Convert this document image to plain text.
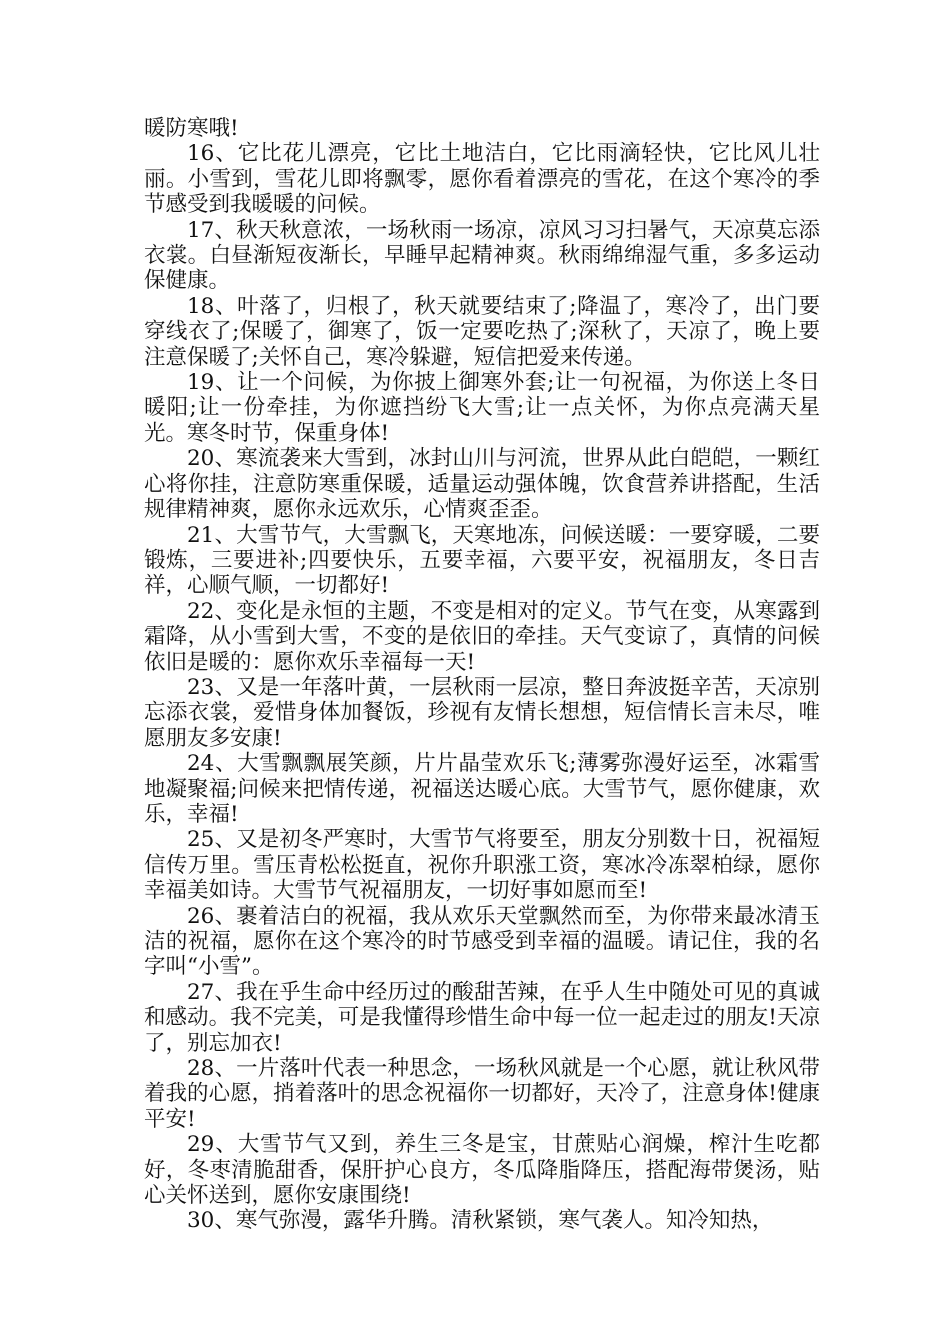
暖防寒哦!

16、它比花儿漂亮，它比土地洁白，它比雨滴轻快，它比风儿壮丽。小雪到，雪花儿即将飘零，愿你看着漂亮的雪花，在这个寒冷的季节感受到我暖暖的问候。

17、秋天秋意浓，一场秋雨一场凉，凉风习习扫暑气，天凉莫忘添衣裳。白昼渐短夜渐长，早睡早起精神爽。秋雨绵绵湿气重，多多运动保健康。

18、叶落了，归根了，秋天就要结束了;降温了，寒冷了，出门要穿线衣了;保暖了，御寒了，饭一定要吃热了;深秋了，天凉了，晚上要注意保暖了;关怀自己，寒冷躲避，短信把爱来传递。

19、让一个问候，为你披上御寒外套;让一句祝福，为你送上冬日暖阳;让一份牵挂，为你遮挡纷飞大雪;让一点关怀，为你点亮满天星光。寒冬时节，保重身体!

20、寒流袭来大雪到，冰封山川与河流，世界从此白皑皑，一颗红心将你挂，注意防寒重保暖，适量运动强体魄，饮食营养讲搭配，生活规律精神爽，愿你永远欢乐，心情爽歪歪。

21、大雪节气，大雪飘飞，天寒地冻，问候送暖：一要穿暖，二要锻炼，三要进补;四要快乐，五要幸福，六要平安，祝福朋友，冬日吉祥，心顺气顺，一切都好!

22、变化是永恒的主题，不变是相对的定义。节气在变，从寒露到霜降，从小雪到大雪，不变的是依旧的牵挂。天气变谅了，真情的问候依旧是暖的：愿你欢乐幸福每一天!

23、又是一年落叶黄，一层秋雨一层凉，整日奔波挺辛苦，天凉别忘添衣裳，爱惜身体加餐饭，珍视有友情长想想，短信情长言未尽，唯愿朋友多安康!

24、大雪飘飘展笑颜，片片晶莹欢乐飞;薄雾弥漫好运至，冰霜雪地凝聚福;问候来把情传递，祝福送达暖心底。大雪节气，愿你健康，欢乐，幸福!

25、又是初冬严寒时，大雪节气将要至，朋友分别数十日，祝福短信传万里。雪压青松松挺直，祝你升职涨工资，寒冰冷冻翠柏绿，愿你幸福美如诗。大雪节气祝福朋友，一切好事如愿而至!

26、裹着洁白的祝福，我从欢乐天堂飘然而至，为你带来最冰清玉洁的祝福，愿你在这个寒冷的时节感受到幸福的温暖。请记住，我的名字叫“小雪”。

27、我在乎生命中经历过的酸甜苦辣，在乎人生中随处可见的真诚和感动。我不完美，可是我懂得珍惜生命中每一位一起走过的朋友!天凉了，别忘加衣!

28、一片落叶代表一种思念，一场秋风就是一个心愿，就让秋风带着我的心愿，捎着落叶的思念祝福你一切都好，天冷了，注意身体!健康平安!

29、大雪节气又到，养生三冬是宝，甘蔗贴心润燥，榨汁生吃都好，冬枣清脆甜香，保肝护心良方，冬瓜降脂降压，搭配海带煲汤，贴心关怀送到，愿你安康围绕!

30、寒气弥漫，露华升腾。清秋紧锁，寒气袭人。知冷知热，
